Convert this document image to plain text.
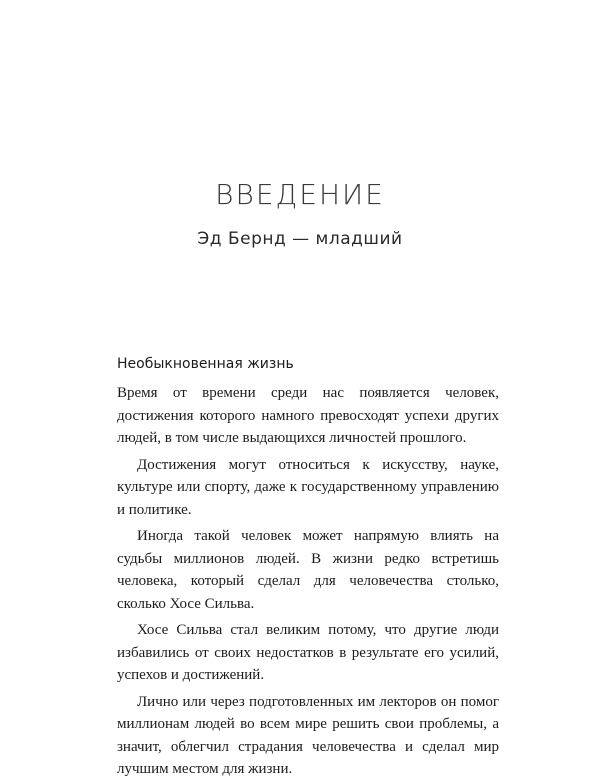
ВВЕДЕНИЕ
Эд Бернд — младший
Необыкновенная жизнь

Время от времени среди нас появляется человек, достижения которого намного превосходят успехи других людей, в том числе выдающихся личностей прошлого.

Достижения могут относиться к искусству, науке, культуре или спорту, даже к государственному управлению и политике.

Иногда такой человек может напрямую влиять на судьбы миллионов людей. В жизни редко встретишь человека, который сделал для человечества столько, сколько Хосе Сильва.

Хосе Сильва стал великим потому, что другие люди избавились от своих недостатков в результате его усилий, успехов и достижений.

Лично или через подготовленных им лекторов он помог миллионам людей во всем мире решить свои проблемы, а значит, облегчил страдания человечества и сделал мир лучшим местом для жизни.
